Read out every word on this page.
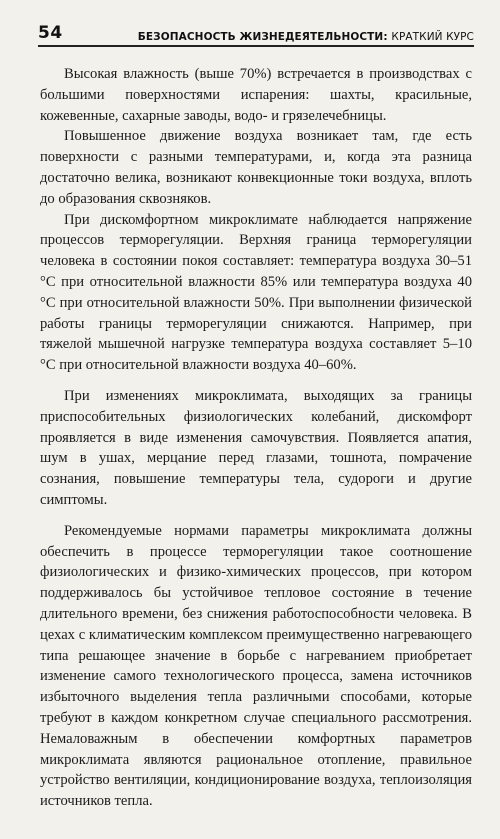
54	БЕЗОПАСНОСТЬ ЖИЗНЕДЕЯТЕЛЬНОСТИ: КРАТКИЙ КУРС

Высокая влажность (выше 70%) встречается в производствах с большими поверхностями испарения: шахты, красильные, кожевенные, сахарные заводы, водо- и грязелечебницы.

Повышенное движение воздуха возникает там, где есть поверхности с разными температурами, и, когда эта разница достаточно велика, возникают конвекционные токи воздуха, вплоть до образования сквозняков.

При дискомфортном микроклимате наблюдается напряжение процессов терморегуляции. Верхняя граница терморегуляции человека в состоянии покоя составляет: температура воздуха 30–51 °С при относительной влажности 85% или температура воздуха 40 °С при относительной влажности 50%. При выполнении физической работы границы терморегуляции снижаются. Например, при тяжелой мышечной нагрузке температура воздуха составляет 5–10 °С при относительной влажности воздуха 40–60%.

При изменениях микроклимата, выходящих за границы приспособительных физиологических колебаний, дискомфорт проявляется в виде изменения самочувствия. Появляется апатия, шум в ушах, мерцание перед глазами, тошнота, помрачение сознания, повышение температуры тела, судороги и другие симптомы.

Рекомендуемые нормами параметры микроклимата должны обеспечить в процессе терморегуляции такое соотношение физиологических и физико-химических процессов, при котором поддерживалось бы устойчивое тепловое состояние в течение длительного времени, без снижения работоспособности человека. В цехах с климатическим комплексом преимущественно нагревающего типа решающее значение в борьбе с нагреванием приобретает изменение самого технологического процесса, замена источников избыточного выделения тепла различными способами, которые требуют в каждом конкретном случае специального рассмотрения. Немаловажным в обеспечении комфортных параметров микроклимата являются рациональное отопление, правильное устройство вентиляции, кондиционирование воздуха, теплоизоляция источников тепла.
